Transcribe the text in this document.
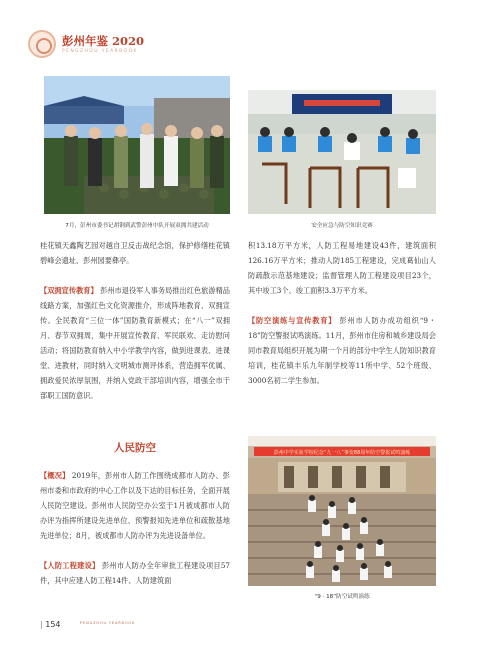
彭州年鉴 2020
PENGZHOU YEARBOOK
7月，彭州市委书记胡钢到武警彭州中队开展双拥共建活动	安全应急与防空知识竞赛

桂花镇天鑫陶艺园对越自卫反击战纪念馆，保护修缮桂花镇碧峰会遗址、彭州园要彝亭。

【双拥宣传教育】 彭州市退役军人事务局推出红色旅游精品线路方案，加强红色文化资源推介，形成阵地教育、双拥宣传。全民教育“三位一体”国防教育新模式；在“八一”双拥月、春节双拥周，集中开展宣传教育、军民联欢、走访慰问活动；将国防教育纳入中小学教学内容，做到进课表、进课堂、进教材，同时纳入文明城市测评体系，营造拥军优属、拥政爱民浓厚氛围，并纳入党政干部培训内容，增强全市干部职工国防意识。

人民防空

【概况】 2019年，彭州市人防工作围绕成都市人防办、彭州市委和市政府的中心工作以及下达的目标任务，全面开展人民防空建设。彭州市人民防空办公室于1月被成都市人防办评为指挥所建设先进单位、预警报知先进单位和疏散基地先进单位；8月，被成都市人防办评为先进设备单位。

【人防工程建设】 彭州市人防办全年审批工程建设项目57件，其中应建人防工程14件、人防建筑面

积13.18万平方米，人防工程易地建设43件，建筑面积126.16万平方米；推动人防185工程建设，完成葛仙山人防疏散示范基地建设；监督管理人防工程建设项目23个，其中竣工3个、竣工面积3.3万平方米。

【防空演练与宣传教育】 彭州市人防办成功组织“9・18”防空警报试鸣演练。11月，彭州市住房和城乡建设局会同市教育局组织开展为期一个月的部分中学生人防知识教育培训，桂花镇丰乐九年制学校等11所中学、52个班级、3000名初二学生参加。

彭州中学实验学校纪念“九一八”事变88周年防空警报试鸣演练
“9 · 18”防空试鸣演练
| 154	PENGZHOU YEARBOOK
